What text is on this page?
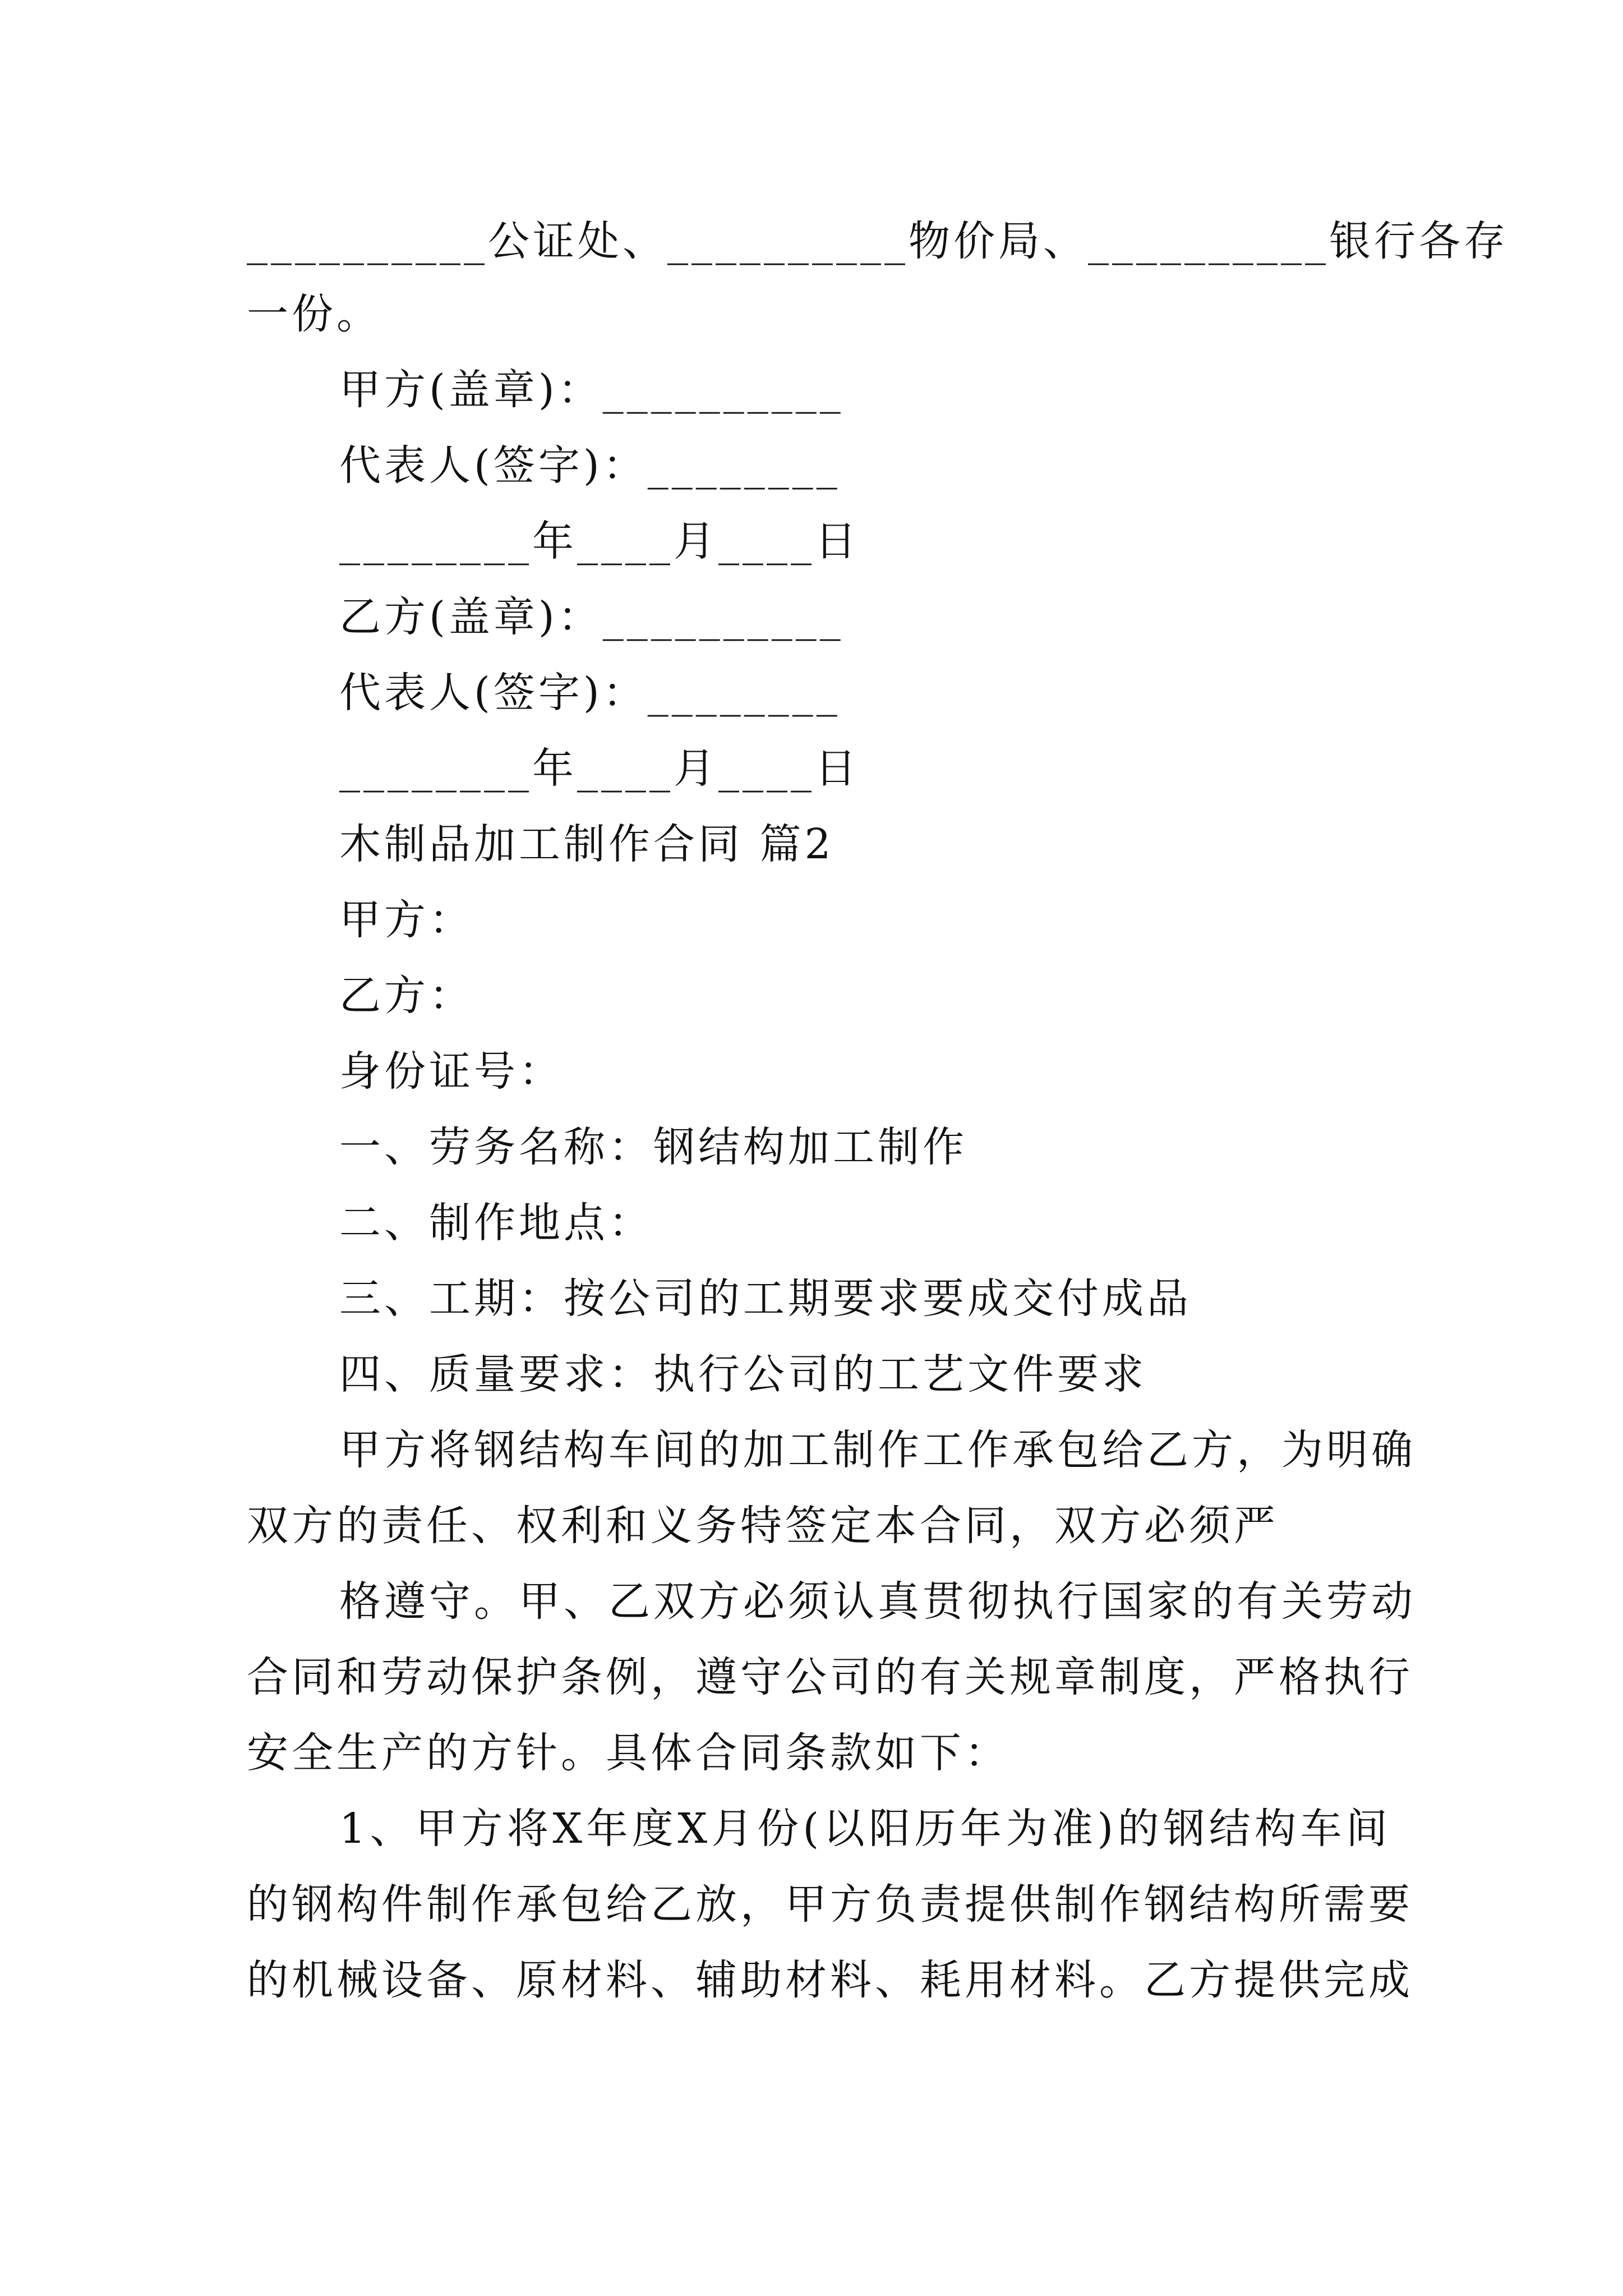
__________公证处、__________物价局、__________银行各存
一份。
甲方(盖章)：__________
代表人(签字)：________
________年____月____日
乙方(盖章)：__________
代表人(签字)：________
________年____月____日
木制品加工制作合同 篇2
甲方：
乙方：
身份证号：
一、劳务名称：钢结构加工制作
二、制作地点：
三、工期：按公司的工期要求要成交付成品
四、质量要求：执行公司的工艺文件要求
甲方将钢结构车间的加工制作工作承包给乙方，为明确
双方的责任、权利和义务特签定本合同，双方必须严
格遵守。甲、乙双方必须认真贯彻执行国家的有关劳动
合同和劳动保护条例，遵守公司的有关规章制度，严格执行
安全生产的方针。具体合同条款如下：
1、甲方将X年度X月份(以阳历年为准)的钢结构车间
的钢构件制作承包给乙放，甲方负责提供制作钢结构所需要
的机械设备、原材料、辅助材料、耗用材料。乙方提供完成
